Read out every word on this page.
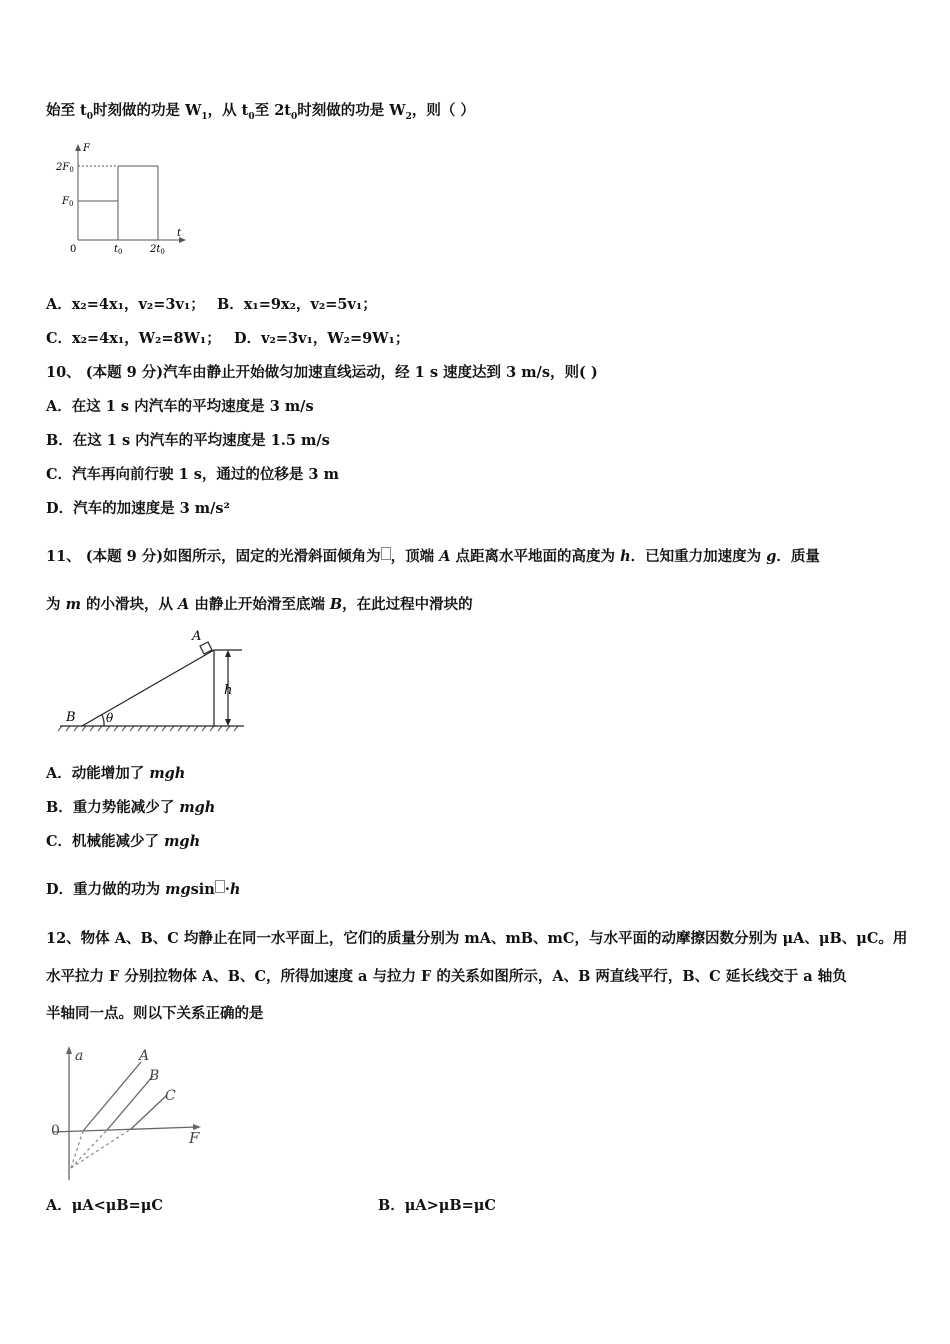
始至 $t_0$时刻做的功是 $W_1$，从 $t_0$至 $2t_0$时刻做的功是 $W_2$，则（ ）
F
t
$2F_0$
$F_0$
0	$t_0$	$2t_0$
A．x₂=4x₁，v₂=3v₁； B．x₁=9x₂，v₂=5v₁；
C．x₂=4x₁，W₂=8W₁； D．v₂=3v₁，W₂=9W₁；
10、 (本题 9 分)汽车由静止开始做匀加速直线运动，经 1 s 速度达到 3 m/s，则( )
A．在这 1 s 内汽车的平均速度是 3 m/s
B．在这 1 s 内汽车的平均速度是 1.5 m/s
C．汽车再向前行驶 1 s，通过的位移是 3 m
D．汽车的加速度是 3 m/s²
11、 (本题 9 分)如图所示，固定的光滑斜面倾角为 ，顶端 A 点距离水平地面的高度为 h．已知重力加速度为 g．质量
为 m 的小滑块，从 A 由静止开始滑至底端 B，在此过程中滑块的
A
B
h
θ
A．动能增加了 mgh
B．重力势能减少了 mgh
C．机械能减少了 mgh
D．重力做的功为 mgsin ·h
12、物体 A、B、C 均静止在同一水平面上，它们的质量分别为 mA、mB、mC，与水平面的动摩擦因数分别为 μA、μB、μC。用
水平拉力 F 分别拉物体 A、B、C，所得加速度 a 与拉力 F 的关系如图所示，A、B 两直线平行，B、C 延长线交于 a 轴负
半轴同一点。则以下关系正确的是
a
F
0
A
B
C
A．μA<μB=μC	B．μA>μB=μC
